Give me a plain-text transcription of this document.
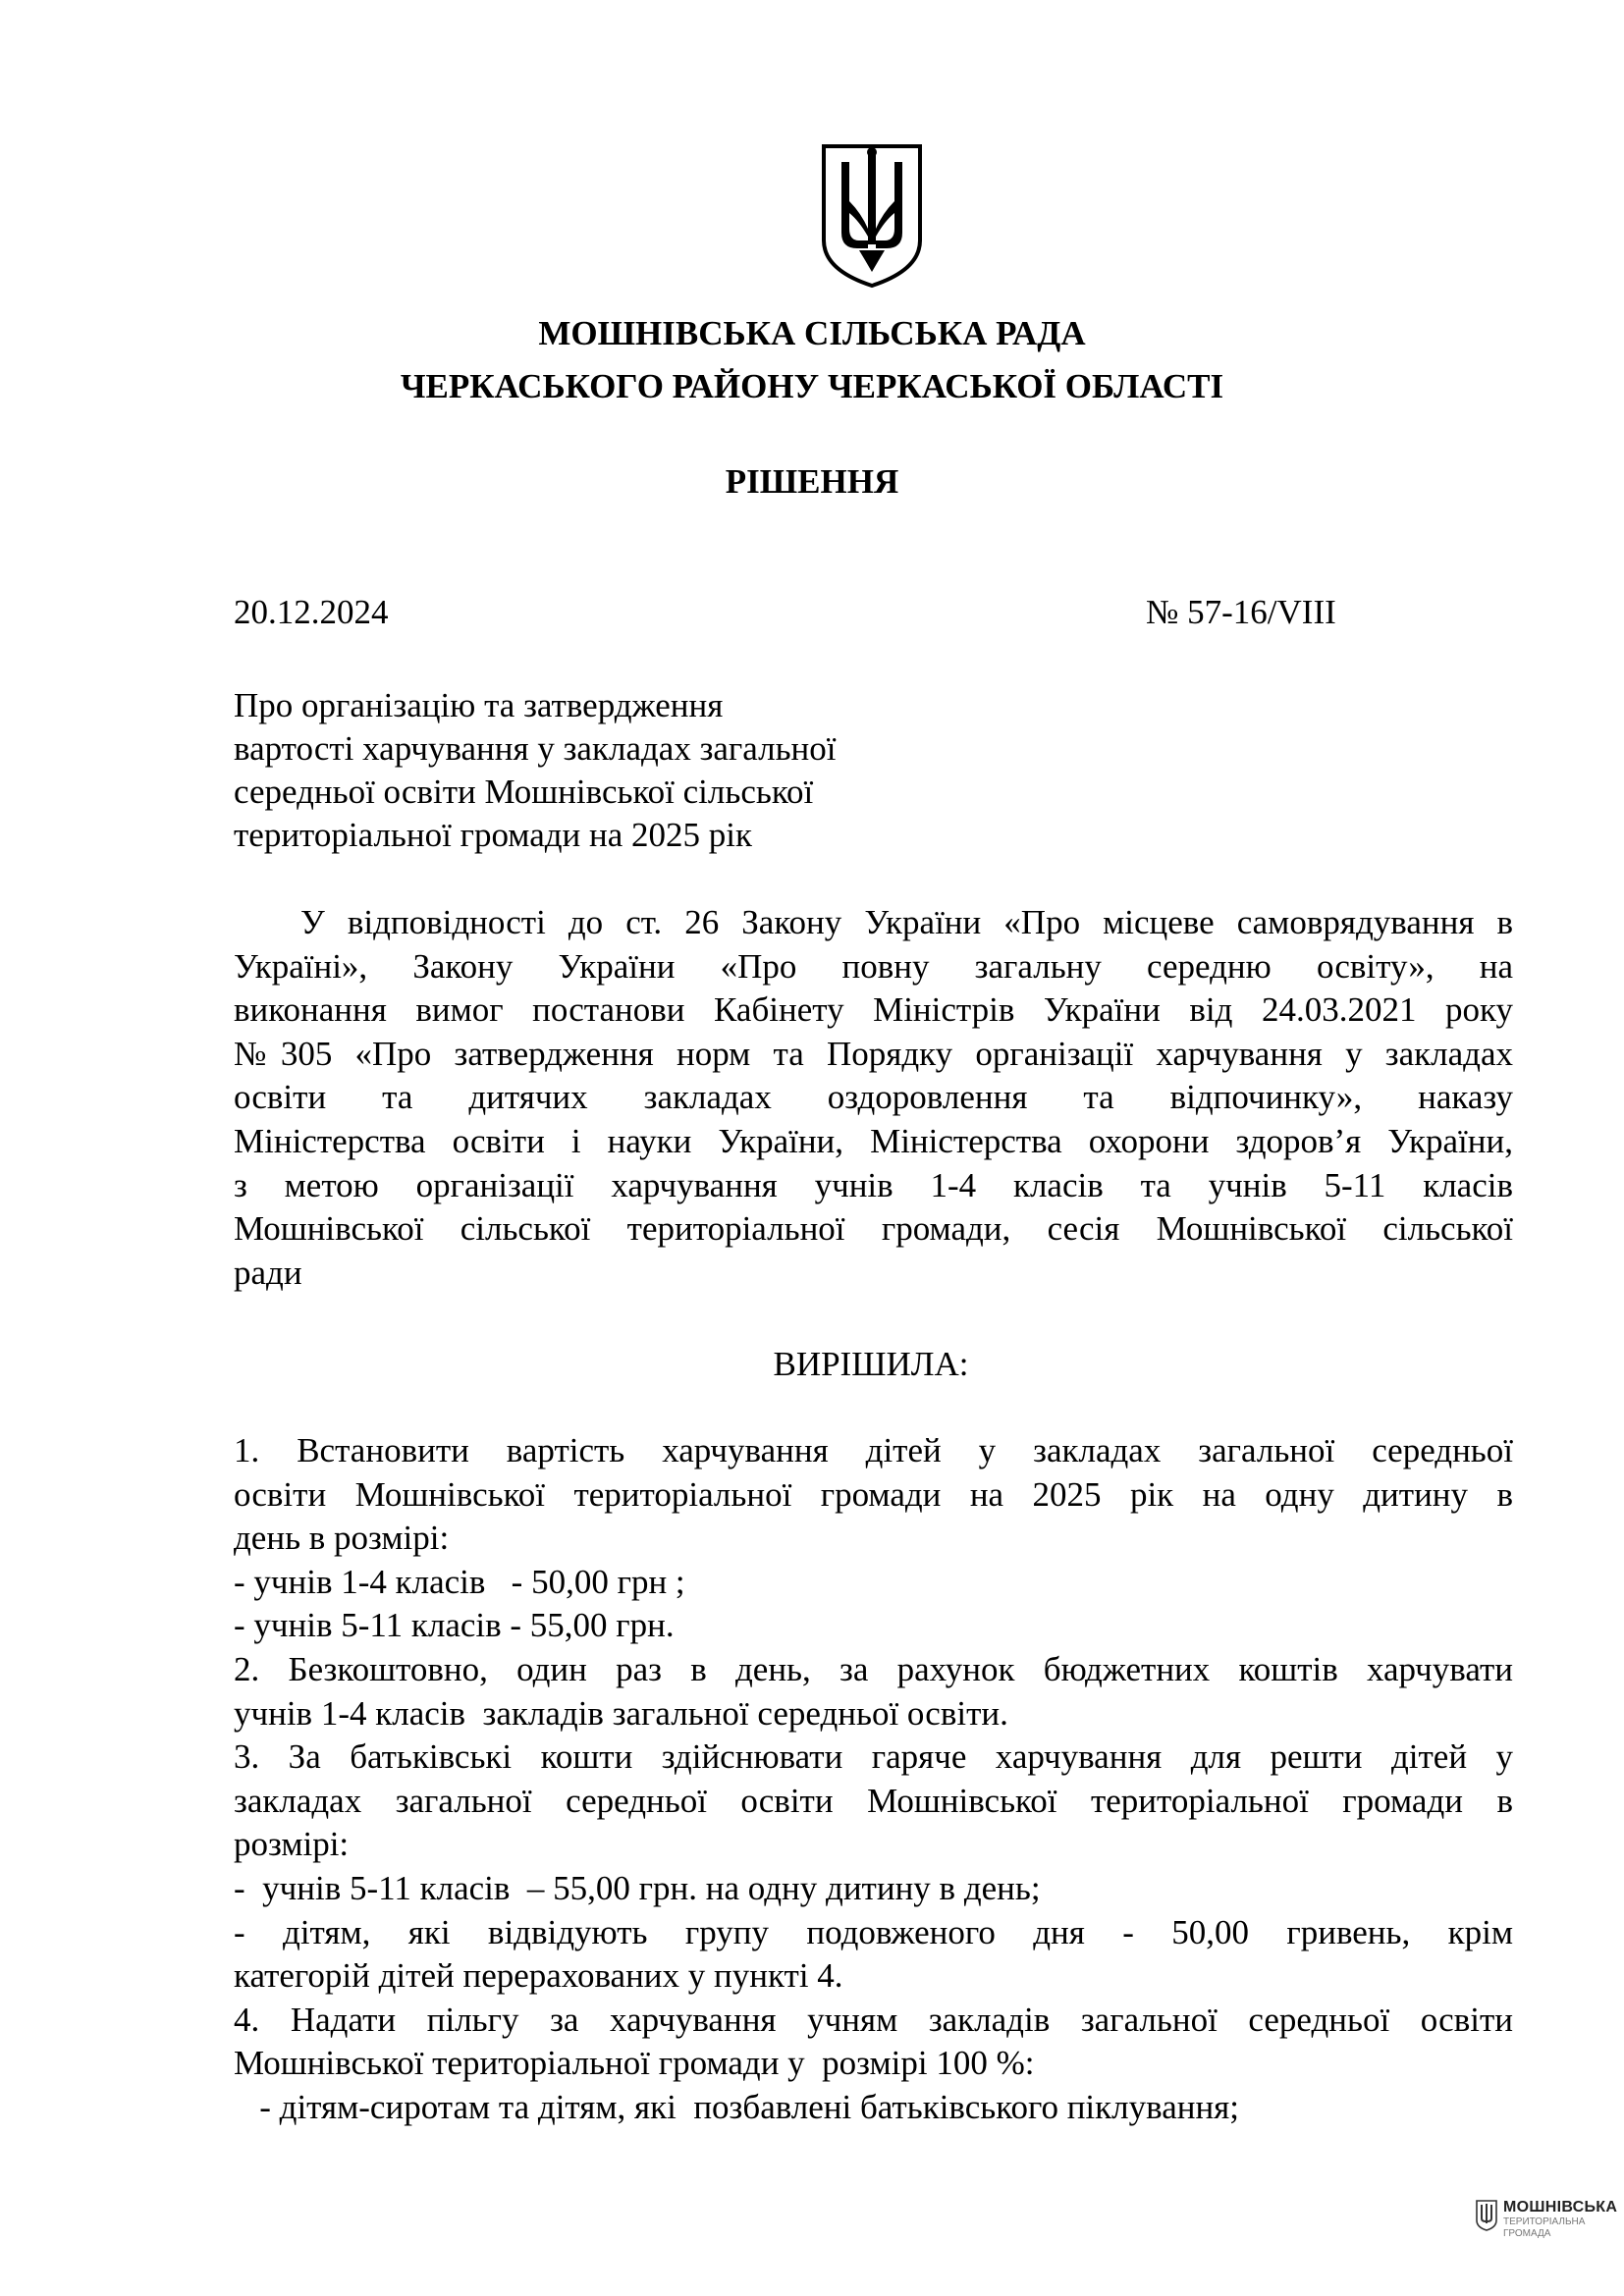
МОШНІВСЬКА СІЛЬСЬКА РАДА
ЧЕРКАСЬКОГО РАЙОНУ ЧЕРКАСЬКОЇ ОБЛАСТІ
РІШЕННЯ
20.12.2024	№ 57-16/VIII
Про організацію та затвердження
вартості харчування у закладах загальної
середньої освіти Мошнівської сільської
територіальної громади на 2025 рік
У відповідності до ст. 26 Закону України «Про місцеве самоврядування в
Україні», Закону України «Про повну загальну середню освіту», на
виконання вимог постанови Кабінету Міністрів України від 24.03.2021 року
№305 «Про затвердження норм та Порядку організації харчування у закладах
освіти та дитячих закладах оздоровлення та відпочинку», наказу
Міністерства освіти і науки України, Міністерства охорони здоров’я України,
з метою організації харчування учнів 1-4 класів та учнів 5-11 класів
Мошнівської сільської територіальної громади, сесія Мошнівської сільської
ради
ВИРІШИЛА:
1. Встановити вартість харчування дітей у закладах загальної середньої
освіти Мошнівської територіальної громади на 2025 рік на одну дитину в
день в розмірі:
- учнів 1-4 класів   - 50,00 грн ;
- учнів 5-11 класів - 55,00 грн.
2. Безкоштовно, один раз в день, за рахунок бюджетних коштів харчувати
учнів 1-4 класів  закладів загальної середньої освіти.
3. За батьківські кошти здійснювати гаряче харчування для решти дітей у
закладах загальної середньої освіти Мошнівської територіальної громади в
розмірі:
-  учнів 5-11 класів  – 55,00 грн. на одну дитину в день;
- дітям, які відвідують групу подовженого дня - 50,00 гривень, крім
категорій дітей перерахованих у пункті 4.
4. Надати пільгу за харчування учням закладів загальної середньої освіти
Мошнівської територіальної громади у  розмірі 100 %:
- дітям-сиротам та дітям, які  позбавлені батьківського піклування;
МОШНІВСЬКА
ТЕРИТОРІАЛЬНА
ГРОМАДА
